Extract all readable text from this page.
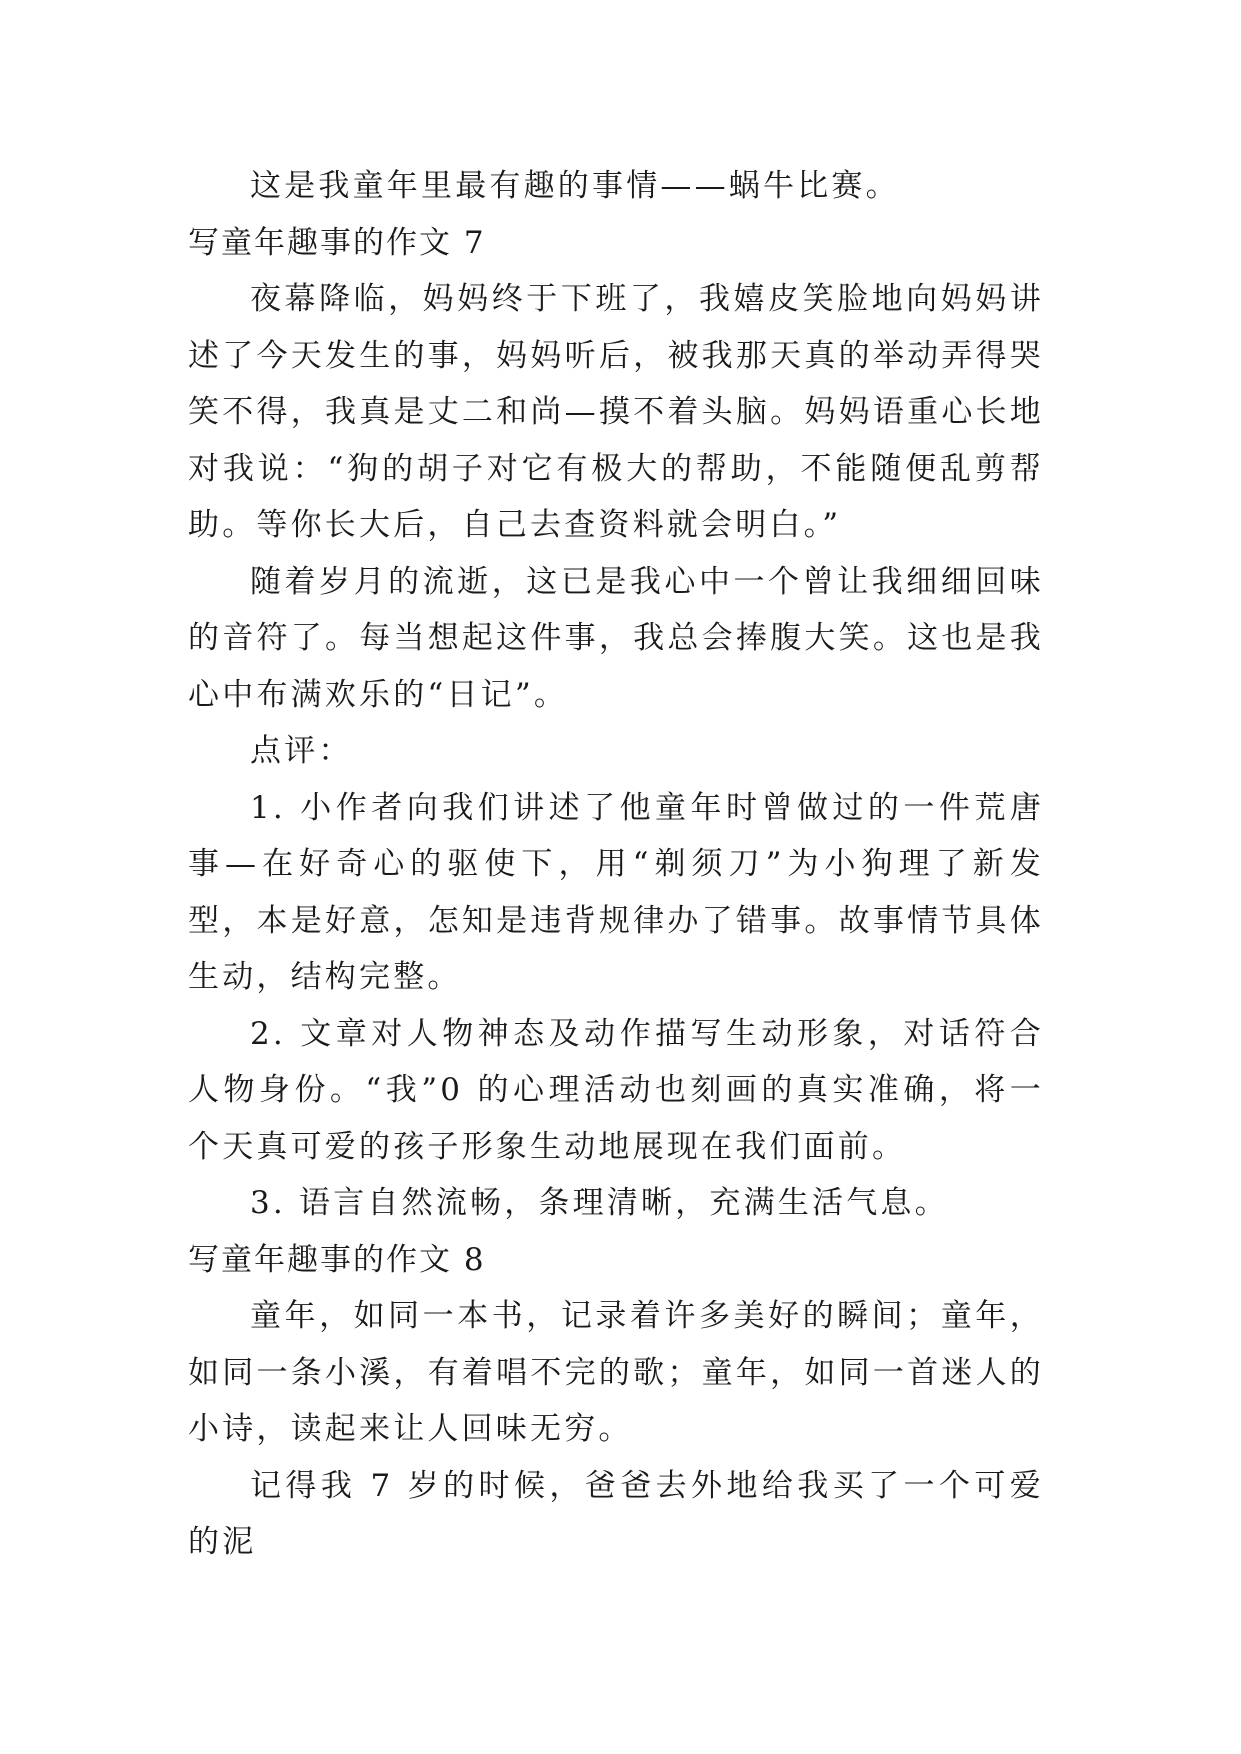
这是我童年里最有趣的事情——蜗牛比赛。

写童年趣事的作文 7

夜幕降临，妈妈终于下班了，我嬉皮笑脸地向妈妈讲述了今天发生的事，妈妈听后，被我那天真的举动弄得哭笑不得，我真是丈二和尚—摸不着头脑。妈妈语重心长地对我说：“狗的胡子对它有极大的帮助，不能随便乱剪帮助。等你长大后，自己去查资料就会明白。”

随着岁月的流逝，这已是我心中一个曾让我细细回味的音符了。每当想起这件事，我总会捧腹大笑。这也是我心中布满欢乐的“日记”。

点评：

1. 小作者向我们讲述了他童年时曾做过的一件荒唐事—在好奇心的驱使下，用“剃须刀”为小狗理了新发型，本是好意，怎知是违背规律办了错事。故事情节具体生动，结构完整。

2. 文章对人物神态及动作描写生动形象，对话符合人物身份。“我”0 的心理活动也刻画的真实准确，将一个天真可爱的孩子形象生动地展现在我们面前。

3. 语言自然流畅，条理清晰，充满生活气息。

写童年趣事的作文 8

童年，如同一本书，记录着许多美好的瞬间；童年，如同一条小溪，有着唱不完的歌；童年，如同一首迷人的小诗，读起来让人回味无穷。

记得我 7 岁的时候，爸爸去外地给我买了一个可爱的泥
